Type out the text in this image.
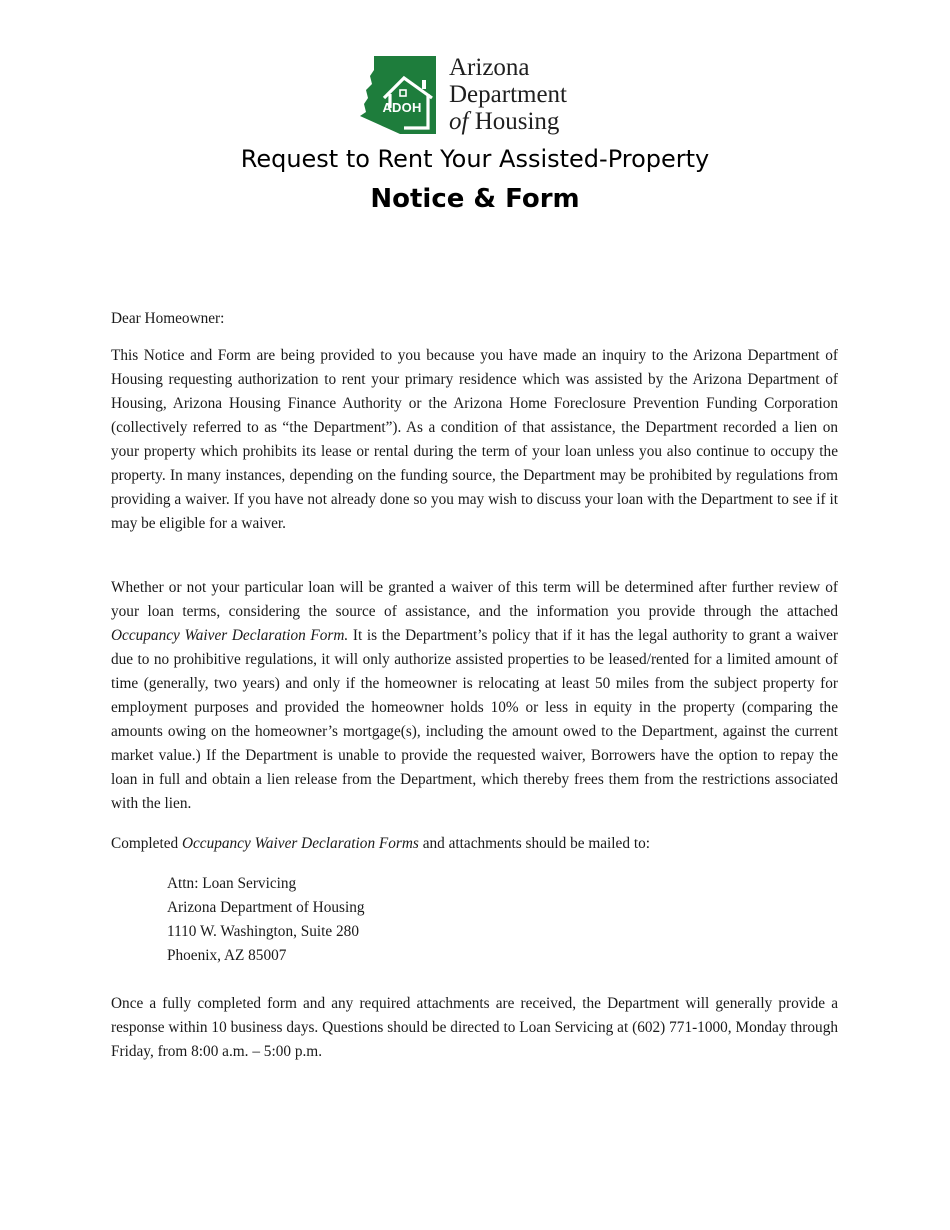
ADOH
Arizona
Department
of Housing
Request to Rent Your Assisted-Property
Notice & Form

Dear Homeowner:

This Notice and Form are being provided to you because you have made an inquiry to the Arizona Department of Housing requesting authorization to rent your primary residence which was assisted by the Arizona Department of Housing, Arizona Housing Finance Authority or the Arizona Home Foreclosure Prevention Funding Corporation (collectively referred to as “the Department”). As a condition of that assistance, the Department recorded a lien on your property which prohibits its lease or rental during the term of your loan unless you also continue to occupy the property. In many instances, depending on the funding source, the Department may be prohibited by regulations from providing a waiver. If you have not already done so you may wish to discuss your loan with the Department to see if it may be eligible for a waiver.

Whether or not your particular loan will be granted a waiver of this term will be determined after further review of your loan terms, considering the source of assistance, and the information you provide through the attached Occupancy Waiver Declaration Form. It is the Department’s policy that if it has the legal authority to grant a waiver due to no prohibitive regulations, it will only authorize assisted properties to be leased/rented for a limited amount of time (generally, two years) and only if the homeowner is relocating at least 50 miles from the subject property for employment purposes and provided the homeowner holds 10% or less in equity in the property (comparing the amounts owing on the homeowner’s mortgage(s), including the amount owed to the Department, against the current market value.) If the Department is unable to provide the requested waiver, Borrowers have the option to repay the loan in full and obtain a lien release from the Department, which thereby frees them from the restrictions associated with the lien.

Completed Occupancy Waiver Declaration Forms and attachments should be mailed to:

Attn: Loan Servicing
Arizona Department of Housing
1110 W. Washington, Suite 280
Phoenix, AZ 85007

Once a fully completed form and any required attachments are received, the Department will generally provide a response within 10 business days. Questions should be directed to Loan Servicing at (602) 771-1000, Monday through Friday, from 8:00 a.m. – 5:00 p.m.
